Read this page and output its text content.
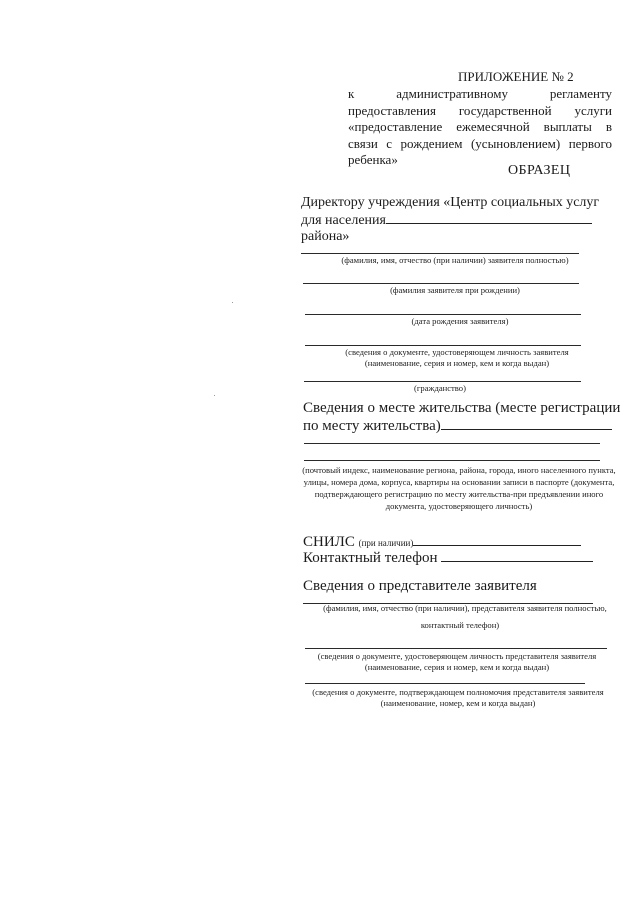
ПРИЛОЖЕНИЕ № 2
к административному регламенту предоставления государственной услуги «предоставление ежемесячной выплаты в связи с рождением (усыновлением) первого ребенка»
ОБРАЗЕЦ
Директору учреждения «Центр социальных услуг
для населения
района»
(фамилия, имя, отчество (при наличии) заявителя полностью)
(фамилия заявителя при рождении)
(дата рождения заявителя)
(сведения о документе, удостоверяющем личность заявителя (наименование, серия и номер, кем и когда выдан)
(гражданство)
Сведения о месте жительства (месте регистрации
по месту жительства)
(почтовый индекс, наименование региона, района, города, иного населенного пункта, улицы, номера дома, корпуса, квартиры на основании записи в паспорте (документа, подтверждающего регистрацию по месту жительства-при предъявлении иного документа, удостоверяющего личность)
СНИЛС (при наличии)
Контактный телефон
Сведения о представителе заявителя
(фамилия, имя, отчество (при наличии), представителя заявителя полностью,
контактный телефон)
(сведения о документе, удостоверяющем личность представителя заявителя (наименование, серия и номер, кем и когда выдан)
(сведения о документе, подтверждающем полномочия представителя заявителя (наименование, номер, кем и когда выдан)
